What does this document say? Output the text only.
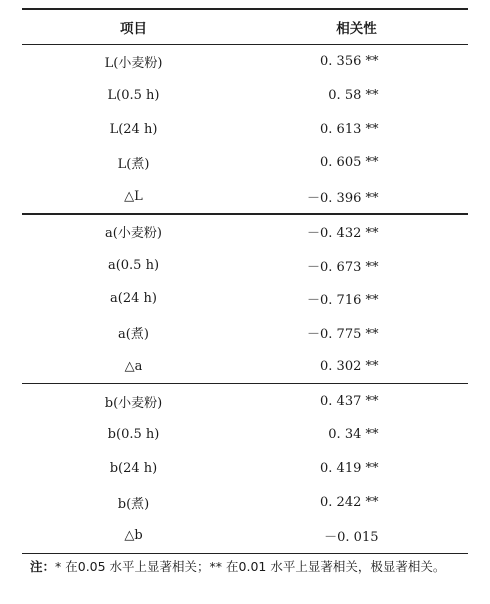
项目	相关性
L(小麦粉)	0. 356 **
L(0.5 h)	0. 58 **
L(24 h)	0. 613 **
L(煮)	0. 605 **
△L	－0. 396 **
a(小麦粉)	－0. 432 **
a(0.5 h)	－0. 673 **
a(24 h)	－0. 716 **
a(煮)	－0. 775 **
△a	0. 302 **
b(小麦粉)	0. 437 **
b(0.5 h)	0. 34 **
b(24 h)	0. 419 **
b(煮)	0. 242 **
△b	－0. 015
注：* 在0.05 水平上显著相关；** 在0.01 水平上显著相关，极显著相关。
